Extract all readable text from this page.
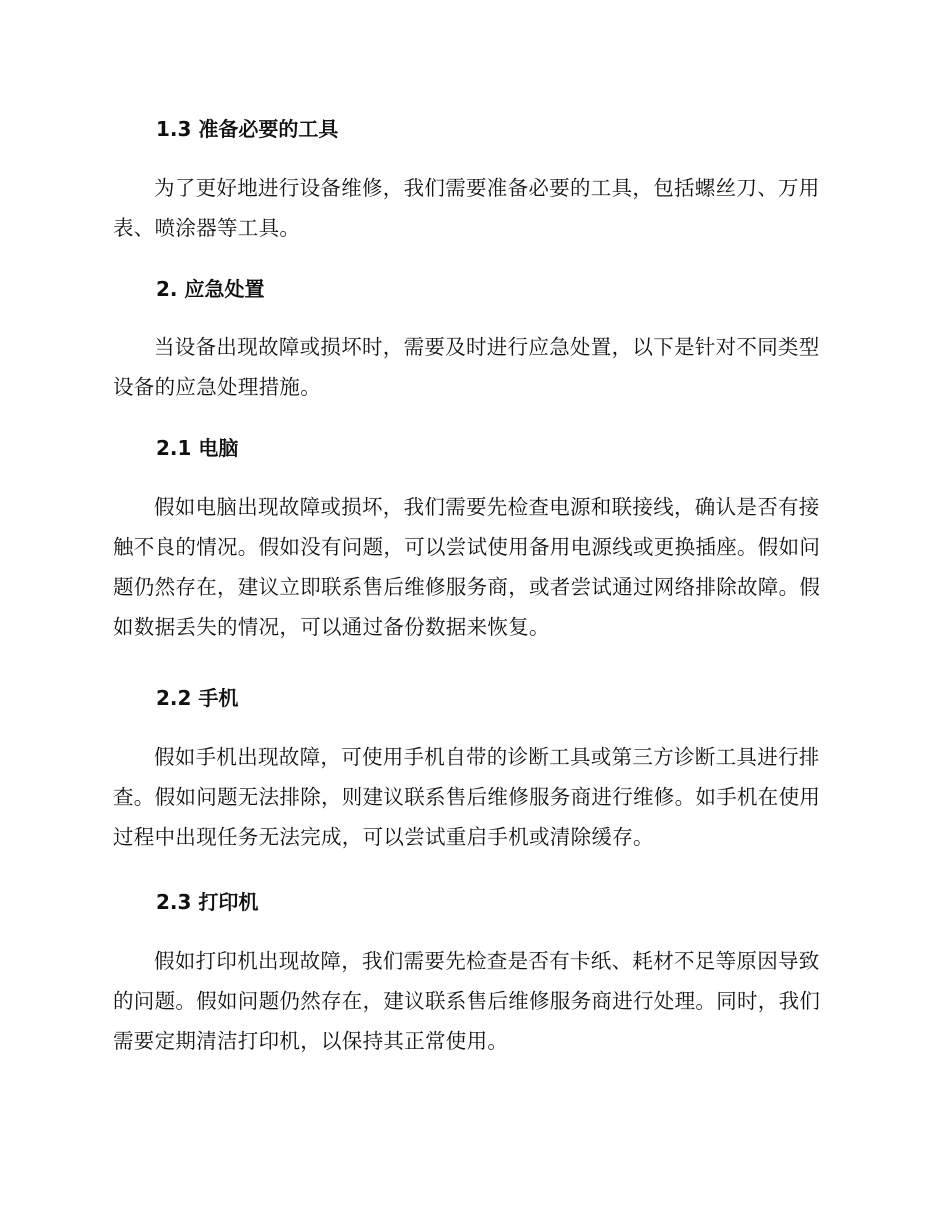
1.3 准备必要的工具

为了更好地进行设备维修，我们需要准备必要的工具，包括螺丝刀、万用表、喷涂器等工具。

2. 应急处置

当设备出现故障或损坏时，需要及时进行应急处置，以下是针对不同类型设备的应急处理措施。

2.1 电脑

假如电脑出现故障或损坏，我们需要先检查电源和联接线，确认是否有接触不良的情况。假如没有问题，可以尝试使用备用电源线或更换插座。假如问题仍然存在，建议立即联系售后维修服务商，或者尝试通过网络排除故障。假如数据丢失的情况，可以通过备份数据来恢复。

2.2 手机

假如手机出现故障，可使用手机自带的诊断工具或第三方诊断工具进行排查。假如问题无法排除，则建议联系售后维修服务商进行维修。如手机在使用过程中出现任务无法完成，可以尝试重启手机或清除缓存。

2.3 打印机

假如打印机出现故障，我们需要先检查是否有卡纸、耗材不足等原因导致的问题。假如问题仍然存在，建议联系售后维修服务商进行处理。同时，我们需要定期清洁打印机，以保持其正常使用。
